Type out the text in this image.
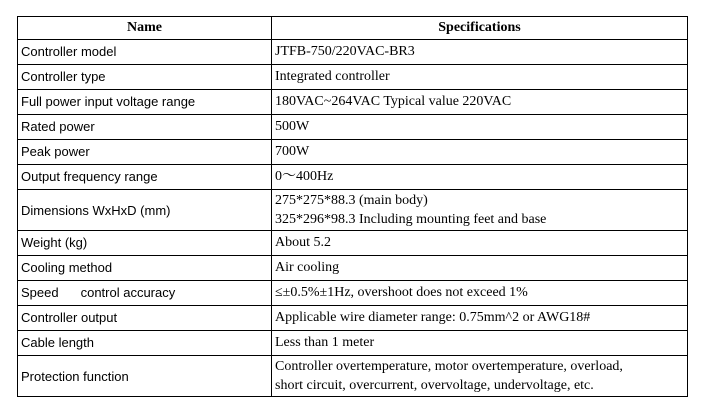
Name	Specifications
Controller model	JTFB-750/220VAC-BR3
Controller type	Integrated controller
Full power input voltage range	180VAC~264VAC Typical value 220VAC
Rated power	500W
Peak power	700W
Output frequency range	0～400Hz
Dimensions WxHxD (mm)	275*275*88.3 (main body)
325*296*98.3 Including mounting feet and base

Weight (kg)	About 5.2
Cooling method	Air cooling
Speed control accuracy	≤±0.5%±1Hz, overshoot does not exceed 1%
Controller output	Applicable wire diameter range: 0.75mm^2 or AWG18#
Cable length	Less than 1 meter
Protection function	Controller overtemperature, motor overtemperature, overload,
short circuit, overcurrent, overvoltage, undervoltage, etc.
